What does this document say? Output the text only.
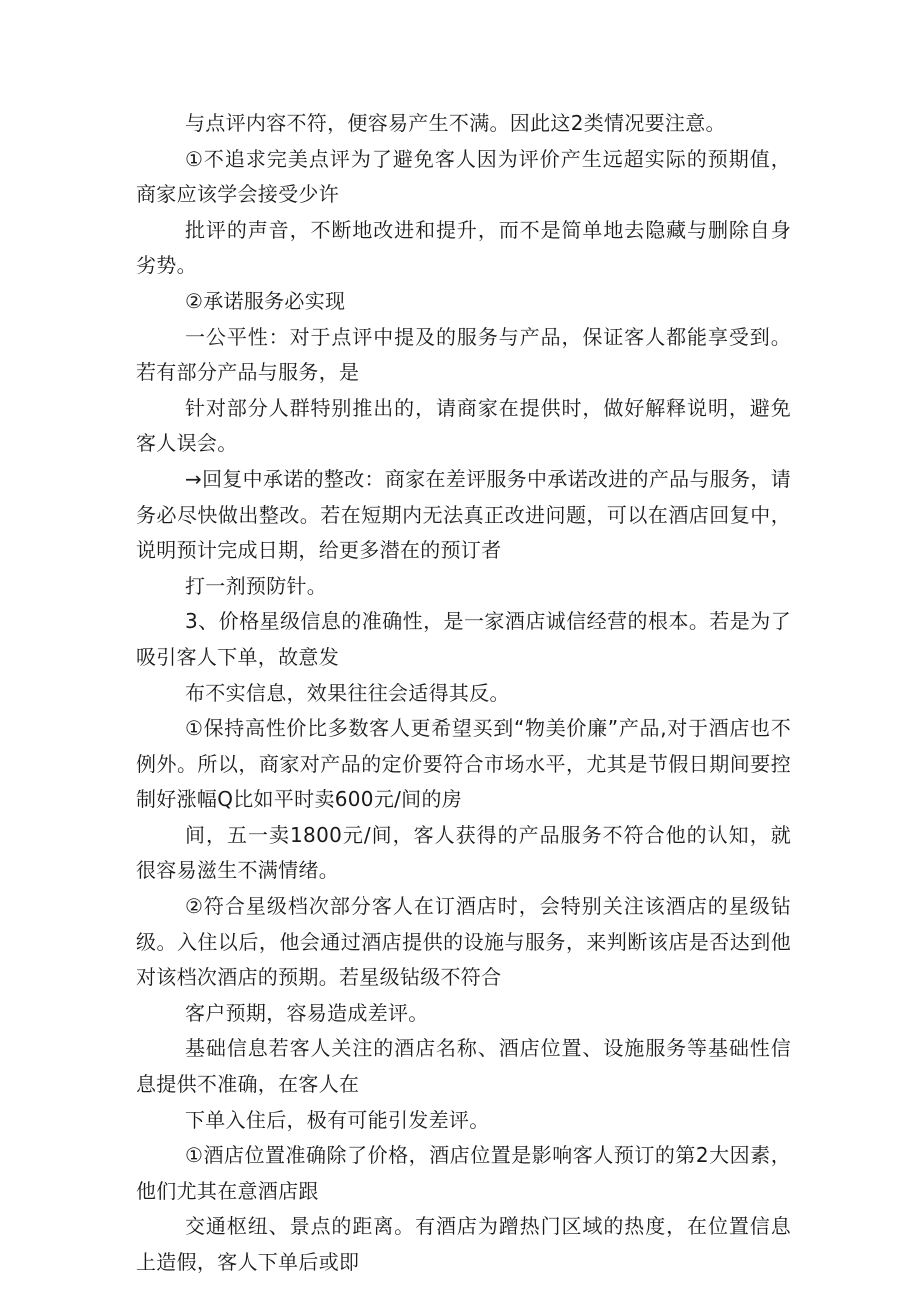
与点评内容不符，便容易产生不满。因此这2类情况要注意。

①不追求完美点评为了避免客人因为评价产生远超实际的预期值，商家应该学会接受少许

批评的声音，不断地改进和提升，而不是简单地去隐藏与删除自身劣势。

②承诺服务必实现

一公平性：对于点评中提及的服务与产品，保证客人都能享受到。若有部分产品与服务，是

针对部分人群特别推出的，请商家在提供时，做好解释说明，避免客人误会。

→回复中承诺的整改：商家在差评服务中承诺改进的产品与服务，请务必尽快做出整改。若在短期内无法真正改进问题，可以在酒店回复中，说明预计完成日期，给更多潜在的预订者

打一剂预防针。

3、价格星级信息的准确性，是一家酒店诚信经营的根本。若是为了吸引客人下单，故意发

布不实信息，效果往往会适得其反。

①保持高性价比多数客人更希望买到“物美价廉”产品,对于酒店也不例外。所以，商家对产品的定价要符合市场水平，尤其是节假日期间要控制好涨幅Q比如平时卖600元/间的房

间，五一卖1800元/间，客人获得的产品服务不符合他的认知，就很容易滋生不满情绪。

②符合星级档次部分客人在订酒店时，会特别关注该酒店的星级钻级。入住以后，他会通过酒店提供的设施与服务，来判断该店是否达到他对该档次酒店的预期。若星级钻级不符合

客户预期，容易造成差评。

基础信息若客人关注的酒店名称、酒店位置、设施服务等基础性信息提供不准确，在客人在

下单入住后，极有可能引发差评。

①酒店位置准确除了价格，酒店位置是影响客人预订的第2大因素，他们尤其在意酒店跟

交通枢纽、景点的距离。有酒店为蹭热门区域的热度，在位置信息上造假，客人下单后或即
